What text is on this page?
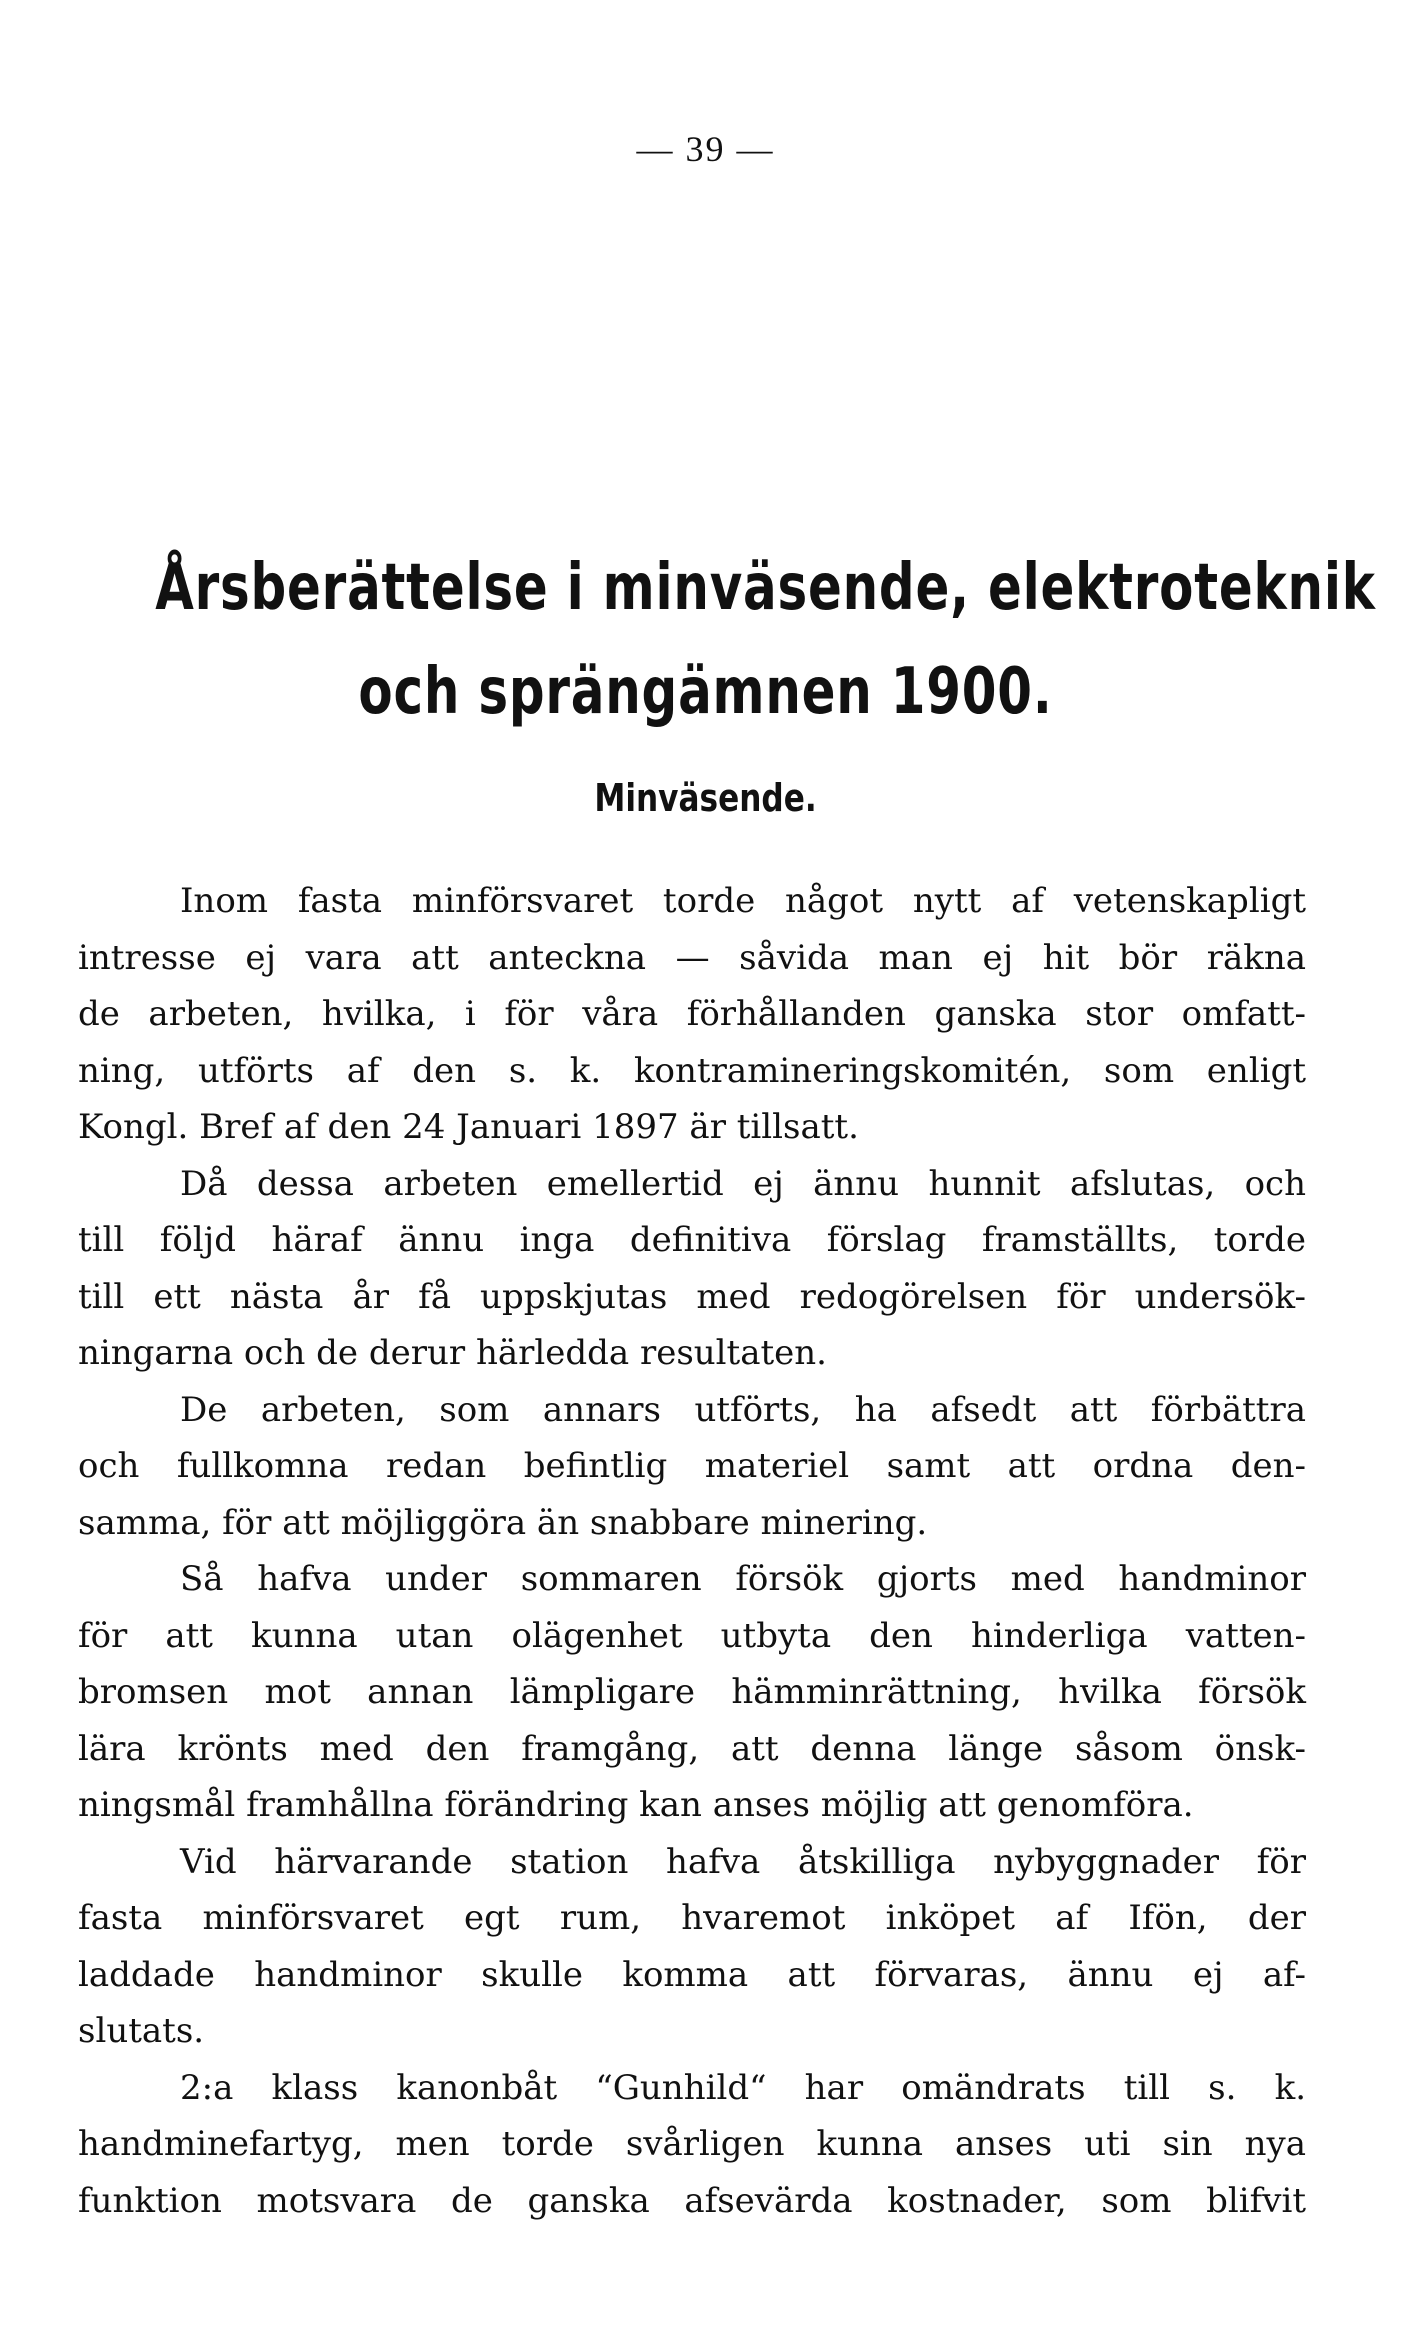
— 39 —
Årsberättelse i minväsende, elektroteknik
och sprängämnen 1900.
Minväsende.
Inom fasta minförsvaret torde något nytt af vetenskapligt
intresse ej vara att anteckna — såvida man ej hit bör räkna
de arbeten, hvilka, i för våra förhållanden ganska stor omfatt-
ning, utförts af den s. k. kontramineringskomitén, som enligt
Kongl. Bref af den 24 Januari 1897 är tillsatt.
Då dessa arbeten emellertid ej ännu hunnit afslutas, och
till följd häraf ännu inga definitiva förslag framställts, torde
till ett nästa år få uppskjutas med redogörelsen för undersök-
ningarna och de derur härledda resultaten.
De arbeten, som annars utförts, ha afsedt att förbättra
och fullkomna redan befintlig materiel samt att ordna den-
samma, för att möjliggöra än snabbare minering.
Så hafva under sommaren försök gjorts med handminor
för att kunna utan olägenhet utbyta den hinderliga vatten-
bromsen mot annan lämpligare hämminrättning, hvilka försök
lära krönts med den framgång, att denna länge såsom önsk-
ningsmål framhållna förändring kan anses möjlig att genomföra.
Vid härvarande station hafva åtskilliga nybyggnader för
fasta minförsvaret egt rum, hvaremot inköpet af Ifön, der
laddade handminor skulle komma att förvaras, ännu ej af-
slutats.
2:a klass kanonbåt “Gunhild“ har omändrats till s. k.
handminefartyg, men torde svårligen kunna anses uti sin nya
funktion motsvara de ganska afsevärda kostnader, som blifvit
